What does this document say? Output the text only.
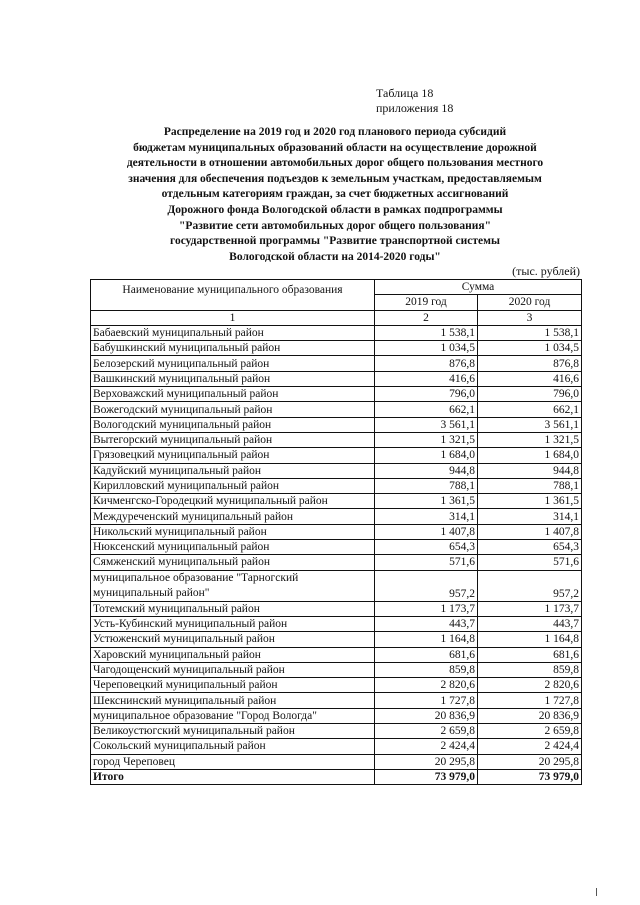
Таблица 18
приложения 18
Распределение на 2019 год и 2020 год планового периода субсидий
бюджетам муниципальных образований области на осуществление дорожной
деятельности в отношении автомобильных дорог общего пользования местного
значения для обеспечения подъездов к земельным участкам, предоставляемым
отдельным категориям граждан, за счет бюджетных ассигнований
Дорожного фонда Вологодской области в рамках подпрограммы
"Развитие сети автомобильных дорог общего пользования"
государственной программы "Развитие транспортной системы
Вологодской области на 2014-2020 годы"
(тыс. рублей)
Наименование муниципального образования	Сумма	
	2019 год	2020 год
1	2	3
Бабаевский муниципальный район	1 538,1	1 538,1
Бабушкинский муниципальный район	1 034,5	1 034,5
Белозерский муниципальный район	876,8	876,8
Вашкинский муниципальный район	416,6	416,6
Верховажский муниципальный район	796,0	796,0
Вожегодский муниципальный район	662,1	662,1
Вологодский муниципальный район	3 561,1	3 561,1
Вытегорский муниципальный район	1 321,5	1 321,5
Грязовецкий муниципальный район	1 684,0	1 684,0
Кадуйский муниципальный район	944,8	944,8
Кирилловский муниципальный район	788,1	788,1
Кичменгско-Городецкий муниципальный район	1 361,5	1 361,5
Междуреченский муниципальный район	314,1	314,1
Никольский муниципальный район	1 407,8	1 407,8
Нюксенский муниципальный район	654,3	654,3
Сямженский муниципальный район	571,6	571,6
муниципальное образование "Тарногский муниципальный район"	957,2	957,2
Тотемский муниципальный район	1 173,7	1 173,7
Усть-Кубинский муниципальный район	443,7	443,7
Устюженский муниципальный район	1 164,8	1 164,8
Харовский муниципальный район	681,6	681,6
Чагодощенский муниципальный район	859,8	859,8
Череповецкий муниципальный район	2 820,6	2 820,6
Шекснинский муниципальный район	1 727,8	1 727,8
муниципальное образование "Город Вологда"	20 836,9	20 836,9
Великоустюгский муниципальный район	2 659,8	2 659,8
Сокольский муниципальный район	2 424,4	2 424,4
город Череповец	20 295,8	20 295,8
Итого	73 979,0	73 979,0
